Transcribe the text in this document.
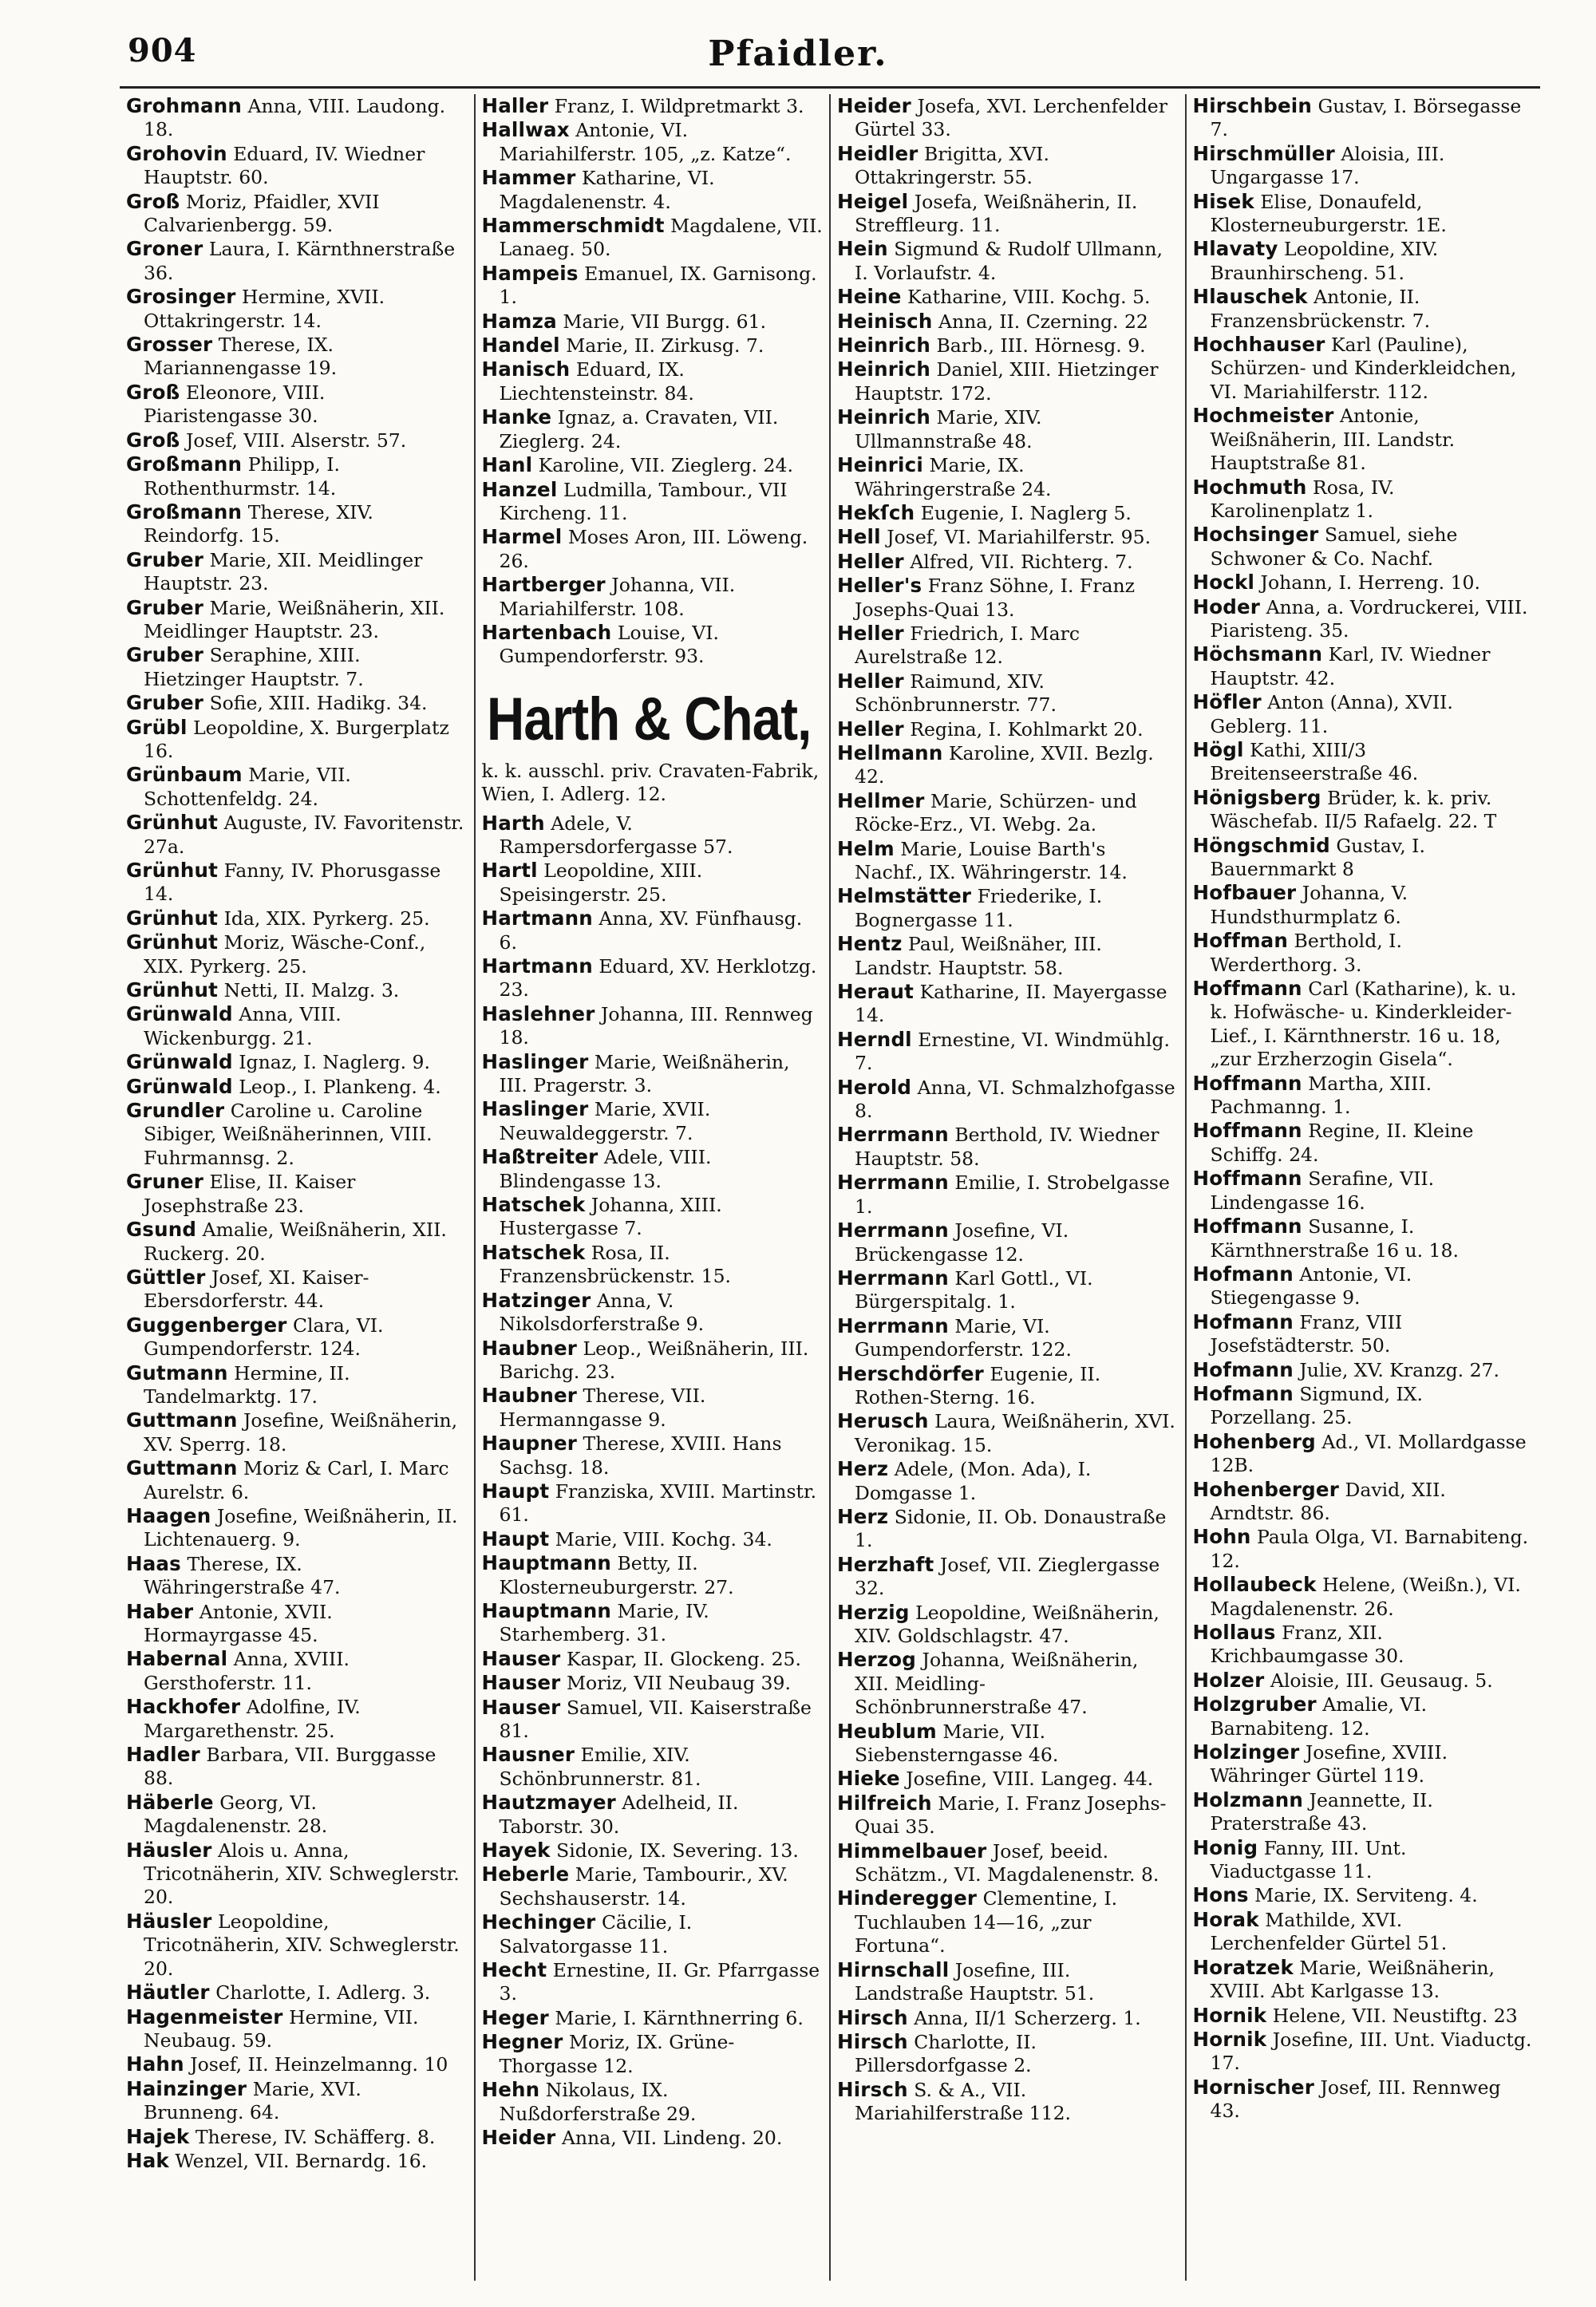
904	Pfaidler.
Grohmann Anna, VIII. Laudong. 18.
Grohovin Eduard, IV. Wiedner Hauptstr. 60.
Groß Moriz, Pfaidler, XVII Calvarienbergg. 59.
Groner Laura, I. Kärnthnerstraße 36.
Grosinger Hermine, XVII. Ottakringerstr. 14.
Grosser Therese, IX. Mariannengasse 19.
Groß Eleonore, VIII. Piaristengasse 30.
Groß Josef, VIII. Alserstr. 57.
Großmann Philipp, I. Rothenthurmstr. 14.
Großmann Therese, XIV. Reindorfg. 15.
Gruber Marie, XII. Meidlinger Hauptstr. 23.
Gruber Marie, Weißnäherin, XII. Meidlinger Hauptstr. 23.
Gruber Seraphine, XIII. Hietzinger Hauptstr. 7.
Gruber Sofie, XIII. Hadikg. 34.
Grübl Leopoldine, X. Burgerplatz 16.
Grünbaum Marie, VII. Schottenfeldg. 24.
Grünhut Auguste, IV. Favoritenstr. 27a.
Grünhut Fanny, IV. Phorusgasse 14.
Grünhut Ida, XIX. Pyrkerg. 25.
Grünhut Moriz, Wäsche-Conf., XIX. Pyrkerg. 25.
Grünhut Netti, II. Malzg. 3.
Grünwald Anna, VIII. Wickenburgg. 21.
Grünwald Ignaz, I. Naglerg. 9.
Grünwald Leop., I. Plankeng. 4.
Grundler Caroline u. Caroline Sibiger, Weißnäherinnen, VIII. Fuhrmannsg. 2.
Gruner Elise, II. Kaiser Josephstraße 23.
Gsund Amalie, Weißnäherin, XII. Ruckerg. 20.
Güttler Josef, XI. Kaiser-Ebersdorferstr. 44.
Guggenberger Clara, VI. Gumpendorferstr. 124.
Gutmann Hermine, II. Tandelmarktg. 17.
Guttmann Josefine, Weißnäherin, XV. Sperrg. 18.
Guttmann Moriz & Carl, I. Marc Aurelstr. 6.
Haagen Josefine, Weißnäherin, II. Lichtenauerg. 9.
Haas Therese, IX. Währingerstraße 47.
Haber Antonie, XVII. Hormayrgasse 45.
Habernal Anna, XVIII. Gersthoferstr. 11.
Hackhofer Adolfine, IV. Margarethenstr. 25.
Hadler Barbara, VII. Burggasse 88.
Häberle Georg, VI. Magdalenenstr. 28.
Häusler Alois u. Anna, Tricotnäherin, XIV. Schweglerstr. 20.
Häusler Leopoldine, Tricotnäherin, XIV. Schweglerstr. 20.
Häutler Charlotte, I. Adlerg. 3.
Hagenmeister Hermine, VII. Neubaug. 59.
Hahn Josef, II. Heinzelmanng. 10
Hainzinger Marie, XVI. Brunneng. 64.
Hajek Therese, IV. Schäfferg. 8.
Hak Wenzel, VII. Bernardg. 16.
Haller Franz, I. Wildpretmarkt 3.
Hallwax Antonie, VI. Mariahilferstr. 105, „z. Katze“.
Hammer Katharine, VI. Magdalenenstr. 4.
Hammerschmidt Magdalene, VII. Lanaeg. 50.
Hampeis Emanuel, IX. Garnisong. 1.
Hamza Marie, VII Burgg. 61.
Handel Marie, II. Zirkusg. 7.
Hanisch Eduard, IX. Liechtensteinstr. 84.
Hanke Ignaz, a. Cravaten, VII. Zieglerg. 24.
Hanl Karoline, VII. Zieglerg. 24.
Hanzel Ludmilla, Tambour., VII Kircheng. 11.
Harmel Moses Aron, III. Löweng. 26.
Hartberger Johanna, VII. Mariahilferstr. 108.
Hartenbach Louise, VI. Gumpendorferstr. 93.
Harth & Chat,
k. k. ausschl. priv. Cravaten-Fabrik, Wien, I. Adlerg. 12.
Harth Adele, V. Rampersdorfergasse 57.
Hartl Leopoldine, XIII. Speisingerstr. 25.
Hartmann Anna, XV. Fünfhausg. 6.
Hartmann Eduard, XV. Herklotzg. 23.
Haslehner Johanna, III. Rennweg 18.
Haslinger Marie, Weißnäherin, III. Pragerstr. 3.
Haslinger Marie, XVII. Neuwaldeggerstr. 7.
Haßtreiter Adele, VIII. Blindengasse 13.
Hatschek Johanna, XIII. Hustergasse 7.
Hatschek Rosa, II. Franzensbrückenstr. 15.
Hatzinger Anna, V. Nikolsdorferstraße 9.
Haubner Leop., Weißnäherin, III. Barichg. 23.
Haubner Therese, VII. Hermanngasse 9.
Haupner Therese, XVIII. Hans Sachsg. 18.
Haupt Franziska, XVIII. Martinstr. 61.
Haupt Marie, VIII. Kochg. 34.
Hauptmann Betty, II. Klosterneuburgerstr. 27.
Hauptmann Marie, IV. Starhemberg. 31.
Hauser Kaspar, II. Glockeng. 25.
Hauser Moriz, VII Neubaug 39.
Hauser Samuel, VII. Kaiserstraße 81.
Hausner Emilie, XIV. Schönbrunnerstr. 81.
Hautzmayer Adelheid, II. Taborstr. 30.
Hayek Sidonie, IX. Severing. 13.
Heberle Marie, Tambourir., XV. Sechshauserstr. 14.
Hechinger Cäcilie, I. Salvatorgasse 11.
Hecht Ernestine, II. Gr. Pfarrgasse 3.
Heger Marie, I. Kärnthnerring 6.
Hegner Moriz, IX. Grüne-Thorgasse 12.
Hehn Nikolaus, IX. Nußdorferstraße 29.
Heider Anna, VII. Lindeng. 20.
Heider Josefa, XVI. Lerchenfelder Gürtel 33.
Heidler Brigitta, XVI. Ottakringerstr. 55.
Heigel Josefa, Weißnäherin, II. Streffleurg. 11.
Hein Sigmund & Rudolf Ullmann, I. Vorlaufstr. 4.
Heine Katharine, VIII. Kochg. 5.
Heinisch Anna, II. Czerning. 22
Heinrich Barb., III. Hörnesg. 9.
Heinrich Daniel, XIII. Hietzinger Hauptstr. 172.
Heinrich Marie, XIV. Ullmannstraße 48.
Heinrici Marie, IX. Währingerstraße 24.
Hekſch Eugenie, I. Naglerg 5.
Hell Josef, VI. Mariahilferstr. 95.
Heller Alfred, VII. Richterg. 7.
Heller's Franz Söhne, I. Franz Josephs-Quai 13.
Heller Friedrich, I. Marc Aurelstraße 12.
Heller Raimund, XIV. Schönbrunnerstr. 77.
Heller Regina, I. Kohlmarkt 20.
Hellmann Karoline, XVII. Bezlg. 42.
Hellmer Marie, Schürzen- und Röcke-Erz., VI. Webg. 2a.
Helm Marie, Louise Barth's Nachf., IX. Währingerstr. 14.
Helmstätter Friederike, I. Bognergasse 11.
Hentz Paul, Weißnäher, III. Landstr. Hauptstr. 58.
Heraut Katharine, II. Mayergasse 14.
Herndl Ernestine, VI. Windmühlg. 7.
Herold Anna, VI. Schmalzhofgasse 8.
Herrmann Berthold, IV. Wiedner Hauptstr. 58.
Herrmann Emilie, I. Strobelgasse 1.
Herrmann Josefine, VI. Brückengasse 12.
Herrmann Karl Gottl., VI. Bürgerspitalg. 1.
Herrmann Marie, VI. Gumpendorferstr. 122.
Herschdörfer Eugenie, II. Rothen-Sterng. 16.
Herusch Laura, Weißnäherin, XVI. Veronikag. 15.
Herz Adele, (Mon. Ada), I. Domgasse 1.
Herz Sidonie, II. Ob. Donaustraße 1.
Herzhaft Josef, VII. Zieglergasse 32.
Herzig Leopoldine, Weißnäherin, XIV. Goldschlagstr. 47.
Herzog Johanna, Weißnäherin, XII. Meidling-Schönbrunnerstraße 47.
Heublum Marie, VII. Siebensterngasse 46.
Hieke Josefine, VIII. Langeg. 44.
Hilfreich Marie, I. Franz Josephs-Quai 35.
Himmelbauer Josef, beeid. Schätzm., VI. Magdalenenstr. 8.
Hinderegger Clementine, I. Tuchlauben 14—16, „zur Fortuna“.
Hirnschall Josefine, III. Landstraße Hauptstr. 51.
Hirsch Anna, II/1 Scherzerg. 1.
Hirsch Charlotte, II. Pillersdorfgasse 2.
Hirsch S. & A., VII. Mariahilferstraße 112.
Hirschbein Gustav, I. Börsegasse 7.
Hirschmüller Aloisia, III. Ungargasse 17.
Hisek Elise, Donaufeld, Klosterneuburgerstr. 1E.
Hlavaty Leopoldine, XIV. Braunhirscheng. 51.
Hlauschek Antonie, II. Franzensbrückenstr. 7.
Hochhauser Karl (Pauline), Schürzen- und Kinderkleidchen, VI. Mariahilferstr. 112.
Hochmeister Antonie, Weißnäherin, III. Landstr. Hauptstraße 81.
Hochmuth Rosa, IV. Karolinenplatz 1.
Hochsinger Samuel, siehe Schwoner & Co. Nachf.
Hockl Johann, I. Herreng. 10.
Hoder Anna, a. Vordruckerei, VIII. Piaristeng. 35.
Höchsmann Karl, IV. Wiedner Hauptstr. 42.
Höfler Anton (Anna), XVII. Geblerg. 11.
Högl Kathi, XIII/3 Breitenseerstraße 46.
Hönigsberg Brüder, k. k. priv. Wäschefab. II/5 Rafaelg. 22. T
Höngschmid Gustav, I. Bauernmarkt 8
Hofbauer Johanna, V. Hundsthurmplatz 6.
Hoffman Berthold, I. Werderthorg. 3.
Hoffmann Carl (Katharine), k. u. k. Hofwäsche- u. Kinderkleider-Lief., I. Kärnthnerstr. 16 u. 18, „zur Erzherzogin Gisela“.
Hoffmann Martha, XIII. Pachmanng. 1.
Hoffmann Regine, II. Kleine Schiffg. 24.
Hoffmann Serafine, VII. Lindengasse 16.
Hoffmann Susanne, I. Kärnthnerstraße 16 u. 18.
Hofmann Antonie, VI. Stiegengasse 9.
Hofmann Franz, VIII Josefstädterstr. 50.
Hofmann Julie, XV. Kranzg. 27.
Hofmann Sigmund, IX. Porzellang. 25.
Hohenberg Ad., VI. Mollardgasse 12B.
Hohenberger David, XII. Arndtstr. 86.
Hohn Paula Olga, VI. Barnabiteng. 12.
Hollaubeck Helene, (Weißn.), VI. Magdalenenstr. 26.
Hollaus Franz, XII. Krichbaumgasse 30.
Holzer Aloisie, III. Geusaug. 5.
Holzgruber Amalie, VI. Barnabiteng. 12.
Holzinger Josefine, XVIII. Währinger Gürtel 119.
Holzmann Jeannette, II. Praterstraße 43.
Honig Fanny, III. Unt. Viaductgasse 11.
Hons Marie, IX. Serviteng. 4.
Horak Mathilde, XVI. Lerchenfelder Gürtel 51.
Horatzek Marie, Weißnäherin, XVIII. Abt Karlgasse 13.
Hornik Helene, VII. Neustiftg. 23
Hornik Josefine, III. Unt. Viaductg. 17.
Hornischer Josef, III. Rennweg 43.
